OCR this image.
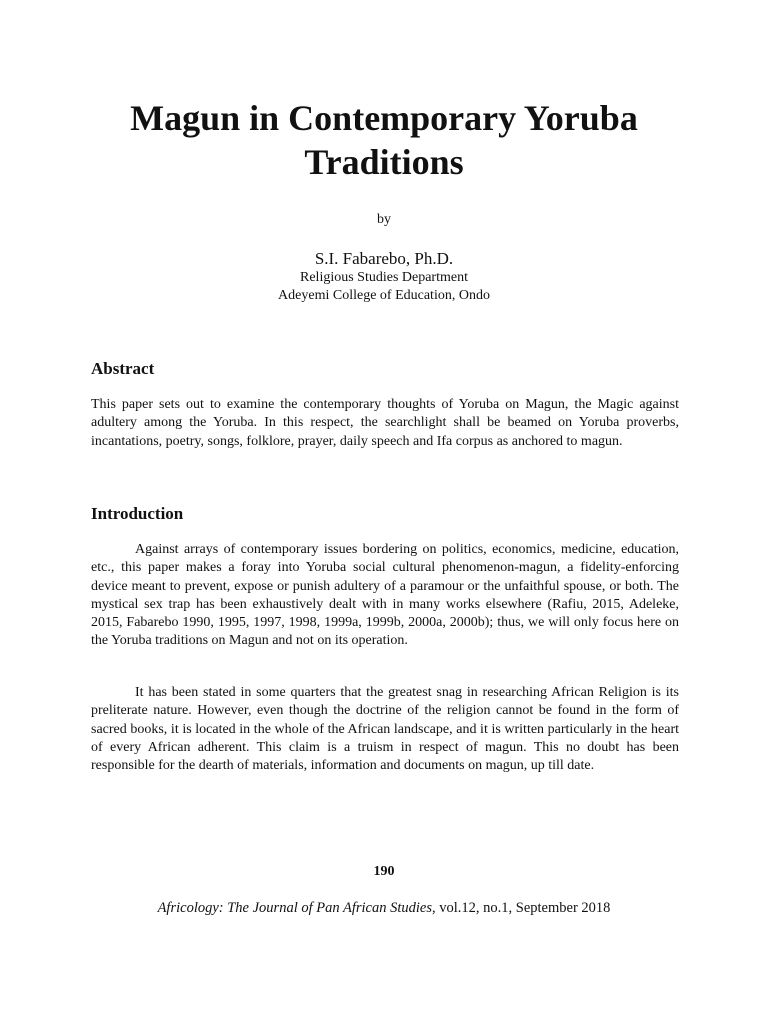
Magun in Contemporary Yoruba
Traditions
by
S.I. Fabarebo, Ph.D.
Religious Studies Department
Adeyemi College of Education, Ondo
Abstract

This paper sets out to examine the contemporary thoughts of Yoruba on Magun, the Magic against adultery among the Yoruba. In this respect, the searchlight shall be beamed on Yoruba proverbs, incantations, poetry, songs, folklore, prayer, daily speech and Ifa corpus as anchored to magun.

Introduction

Against arrays of contemporary issues bordering on politics, economics, medicine, education, etc., this paper makes a foray into Yoruba social cultural phenomenon-magun, a fidelity-enforcing device meant to prevent, expose or punish adultery of a paramour or the unfaithful spouse, or both. The mystical sex trap has been exhaustively dealt with in many works elsewhere (Rafiu, 2015, Adeleke, 2015, Fabarebo 1990, 1995, 1997, 1998, 1999a, 1999b, 2000a, 2000b); thus, we will only focus here on the Yoruba traditions on Magun and not on its operation.

It has been stated in some quarters that the greatest snag in researching African Religion is its preliterate nature. However, even though the doctrine of the religion cannot be found in the form of sacred books, it is located in the whole of the African landscape, and it is written particularly in the heart of every African adherent. This claim is a truism in respect of magun. This no doubt has been responsible for the dearth of materials, information and documents on magun, up till date.

190
Africology: The Journal of Pan African Studies, vol.12, no.1, September 2018
